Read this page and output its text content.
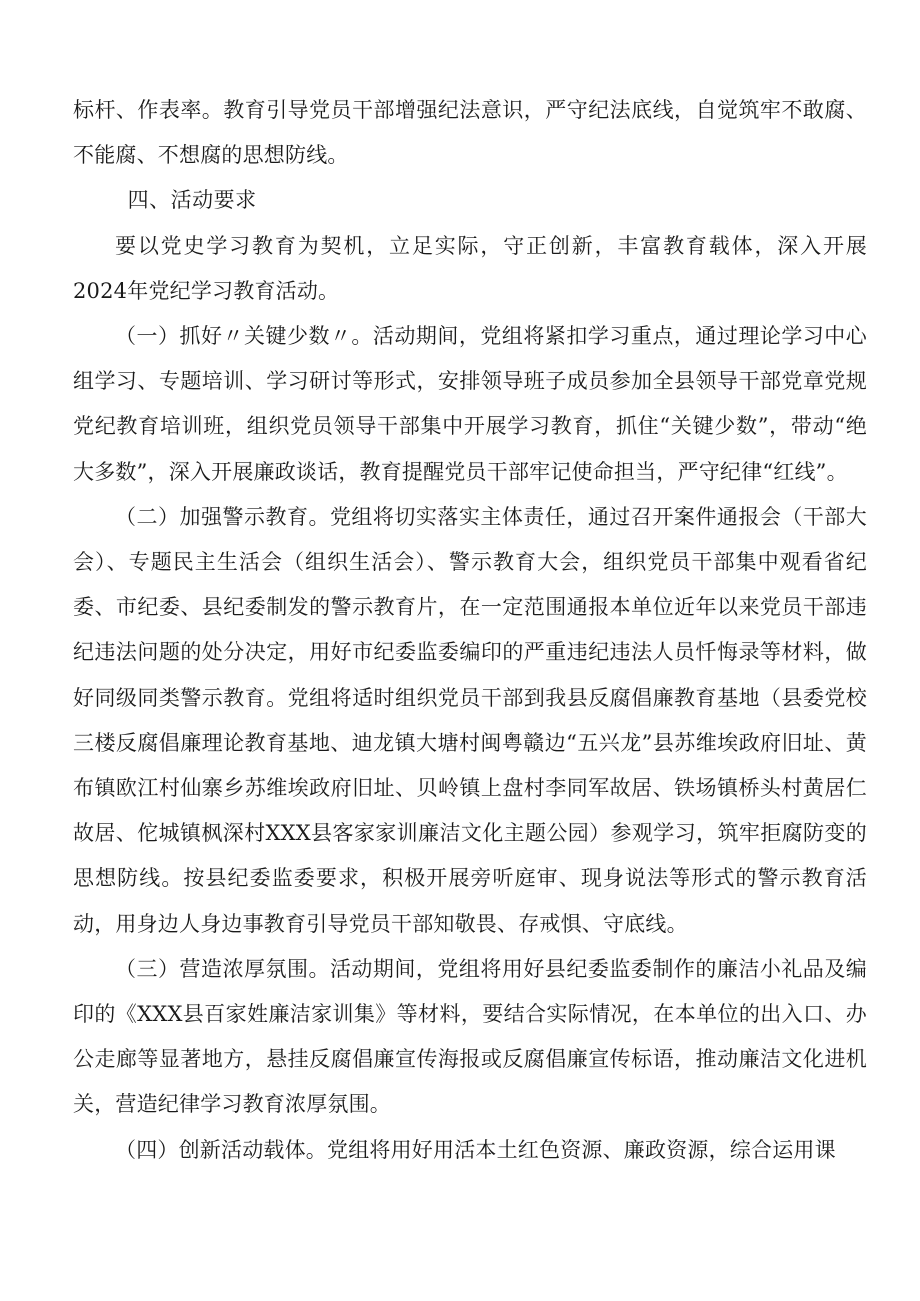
标杆、作表率。教育引导党员干部增强纪法意识，严守纪法底线，自觉筑牢不敢腐、不能腐、不想腐的思想防线。

四、活动要求

要以党史学习教育为契机，立足实际，守正创新，丰富教育载体，深入开展2024年党纪学习教育活动。

（一）抓好〃关键少数〃。活动期间，党组将紧扣学习重点，通过理论学习中心组学习、专题培训、学习研讨等形式，安排领导班子成员参加全县领导干部党章党规党纪教育培训班，组织党员领导干部集中开展学习教育，抓住“关键少数”，带动“绝大多数”，深入开展廉政谈话，教育提醒党员干部牢记使命担当，严守纪律“红线”。

（二）加强警示教育。党组将切实落实主体责任，通过召开案件通报会（干部大会）、专题民主生活会（组织生活会）、警示教育大会，组织党员干部集中观看省纪委、市纪委、县纪委制发的警示教育片，在一定范围通报本单位近年以来党员干部违纪违法问题的处分决定，用好市纪委监委编印的严重违纪违法人员忏悔录等材料，做好同级同类警示教育。党组将适时组织党员干部到我县反腐倡廉教育基地（县委党校三楼反腐倡廉理论教育基地、迪龙镇大塘村闽粤赣边“五兴龙”县苏维埃政府旧址、黄布镇欧江村仙寨乡苏维埃政府旧址、贝岭镇上盘村李同军故居、铁场镇桥头村黄居仁故居、佗城镇枫深村XXX县客家家训廉洁文化主题公园）参观学习，筑牢拒腐防变的思想防线。按县纪委监委要求，积极开展旁听庭审、现身说法等形式的警示教育活动，用身边人身边事教育引导党员干部知敬畏、存戒惧、守底线。

（三）营造浓厚氛围。活动期间，党组将用好县纪委监委制作的廉洁小礼品及编印的《XXX县百家姓廉洁家训集》等材料，要结合实际情况，在本单位的出入口、办公走廊等显著地方，悬挂反腐倡廉宣传海报或反腐倡廉宣传标语，推动廉洁文化进机关，营造纪律学习教育浓厚氛围。

（四）创新活动载体。党组将用好用活本土红色资源、廉政资源，综合运用课
